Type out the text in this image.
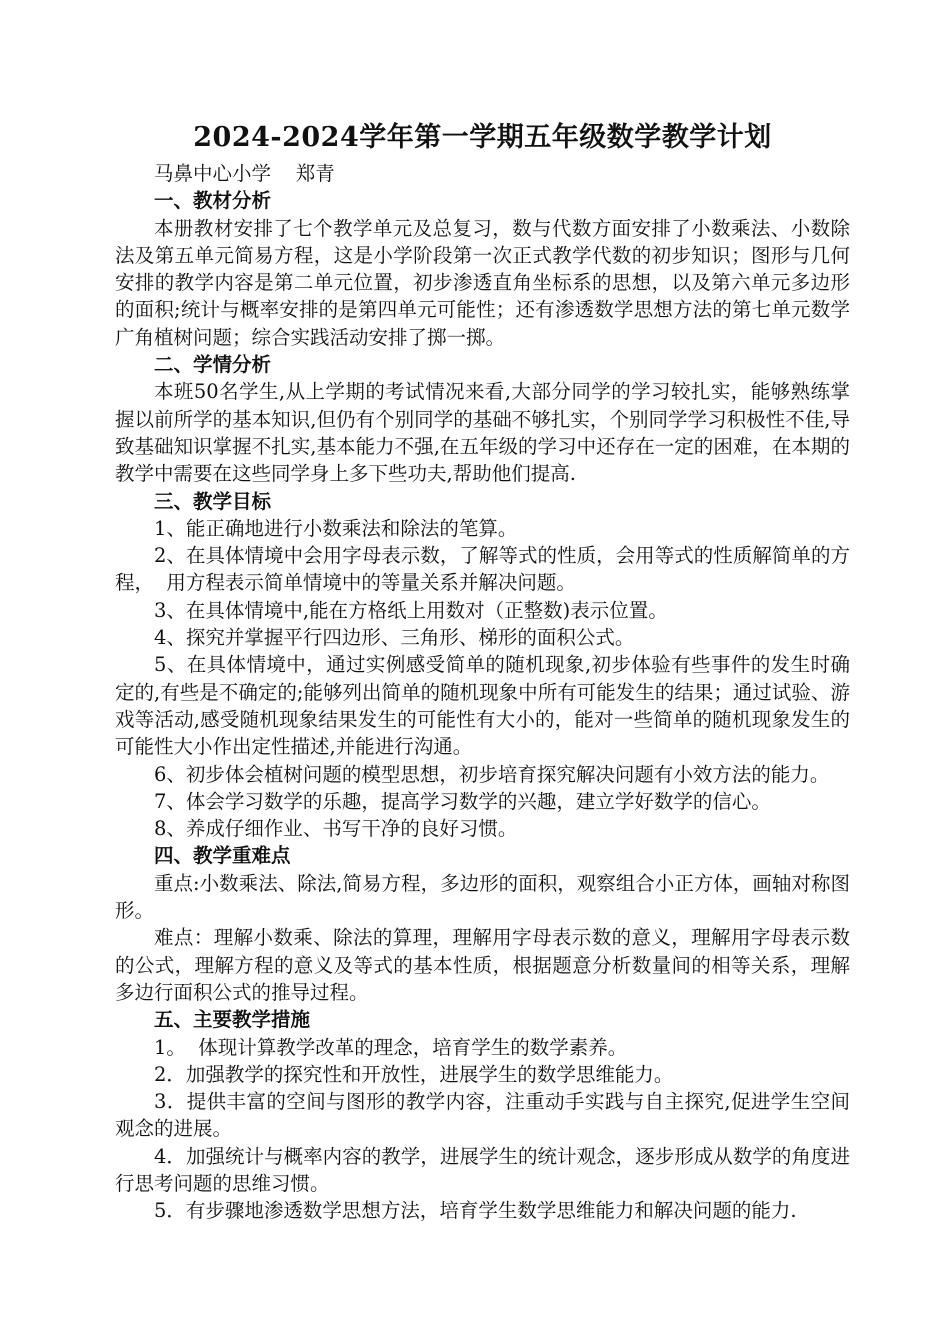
2024-2024学年第一学期五年级数学教学计划

马鼻中心小学    郑青

一、教材分析

本册教材安排了七个教学单元及总复习，数与代数方面安排了小数乘法、小数除法及第五单元简易方程，这是小学阶段第一次正式教学代数的初步知识；图形与几何安排的教学内容是第二单元位置，初步渗透直角坐标系的思想，以及第六单元多边形的面积;统计与概率安排的是第四单元可能性；还有渗透数学思想方法的第七单元数学广角植树问题；综合实践活动安排了掷一掷。

二、学情分析

本班50名学生,从上学期的考试情况来看,大部分同学的学习较扎实，能够熟练掌握以前所学的基本知识,但仍有个别同学的基础不够扎实，个别同学学习积极性不佳,导致基础知识掌握不扎实,基本能力不强,在五年级的学习中还存在一定的困难，在本期的教学中需要在这些同学身上多下些功夫,帮助他们提高.

三、教学目标

1、能正确地进行小数乘法和除法的笔算。

2、在具体情境中会用字母表示数，了解等式的性质，会用等式的性质解简单的方程，  用方程表示简单情境中的等量关系并解决问题。

3、在具体情境中,能在方格纸上用数对（正整数)表示位置。

4、探究并掌握平行四边形、三角形、梯形的面积公式。

5、在具体情境中，通过实例感受简单的随机现象,初步体验有些事件的发生时确定的,有些是不确定的;能够列出简单的随机现象中所有可能发生的结果；通过试验、游戏等活动,感受随机现象结果发生的可能性有大小的，能对一些简单的随机现象发生的可能性大小作出定性描述,并能进行沟通。

6、初步体会植树问题的模型思想，初步培育探究解决问题有小效方法的能力。

7、体会学习数学的乐趣，提高学习数学的兴趣，建立学好数学的信心。

8、养成仔细作业、书写干净的良好习惯。

四、教学重难点

重点:小数乘法、除法,简易方程，多边形的面积，观察组合小正方体，画轴对称图形。

难点：理解小数乘、除法的算理，理解用字母表示数的意义，理解用字母表示数的公式，理解方程的意义及等式的基本性质，根据题意分析数量间的相等关系，理解多边行面积公式的推导过程。

五、主要教学措施

1。  体现计算教学改革的理念，培育学生的数学素养。

2．加强教学的探究性和开放性，进展学生的数学思维能力。

3．提供丰富的空间与图形的教学内容，注重动手实践与自主探究,促进学生空间观念的进展。

4．加强统计与概率内容的教学，进展学生的统计观念，逐步形成从数学的角度进行思考问题的思维习惯。

5．有步骤地渗透数学思想方法，培育学生数学思维能力和解决问题的能力.
